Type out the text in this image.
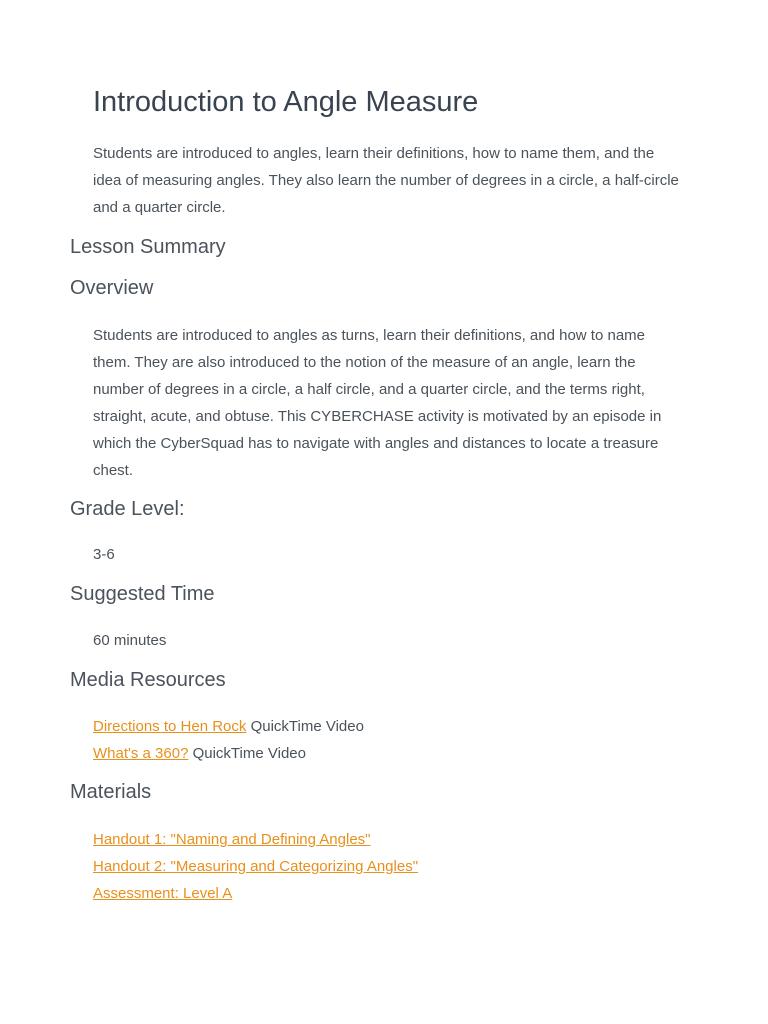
Introduction to Angle Measure

Students are introduced to angles, learn their definitions, how to name them, and the idea of measuring angles. They also learn the number of degrees in a circle, a half-circle and a quarter circle.

Lesson Summary
Overview

Students are introduced to angles as turns, learn their definitions, and how to name them. They are also introduced to the notion of the measure of an angle, learn the number of degrees in a circle, a half circle, and a quarter circle, and the terms right, straight, acute, and obtuse. This CYBERCHASE activity is motivated by an episode in which the CyberSquad has to navigate with angles and distances to locate a treasure chest.

Grade Level:
3-6
Suggested Time
60 minutes
Media Resources
Directions to Hen Rock QuickTime Video
What's a 360? QuickTime Video
Materials
Handout 1: "Naming and Defining Angles"
Handout 2: "Measuring and Categorizing Angles"
Assessment: Level A
